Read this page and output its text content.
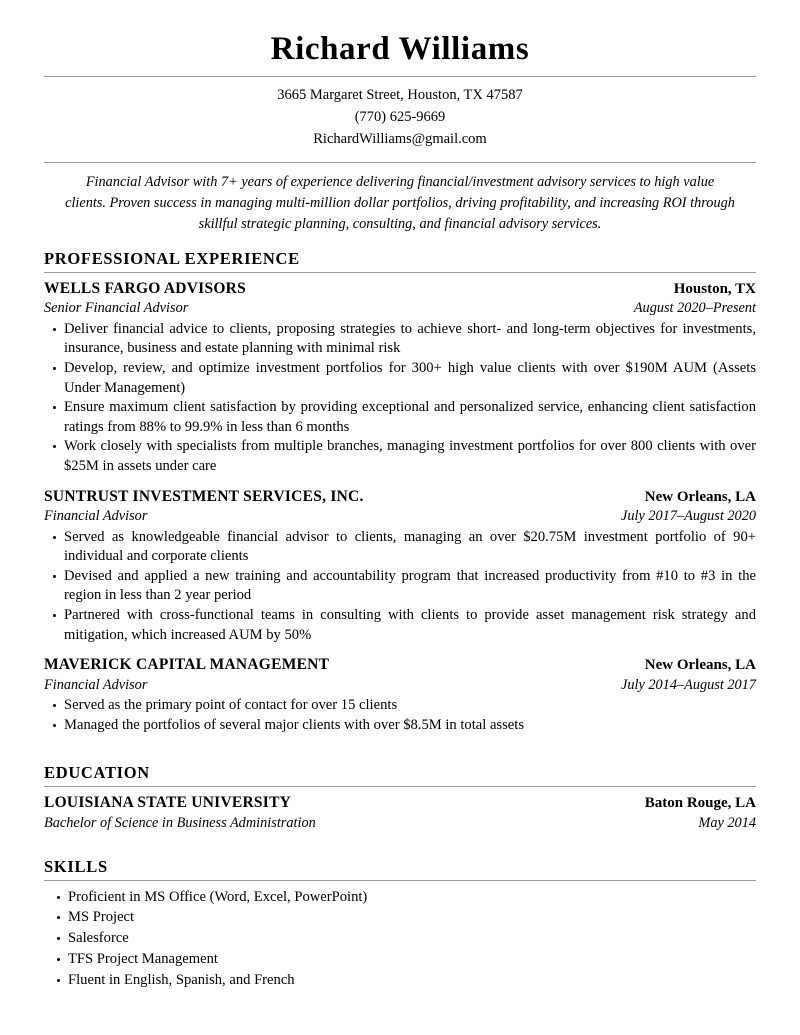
Richard Williams
3665 Margaret Street, Houston, TX 47587
(770) 625-9669
RichardWilliams@gmail.com

Financial Advisor with 7+ years of experience delivering financial/investment advisory services to high value clients. Proven success in managing multi-million dollar portfolios, driving profitability, and increasing ROI through skillful strategic planning, consulting, and financial advisory services.

PROFESSIONAL EXPERIENCE
WELLS FARGO ADVISORS	Houston, TX
Senior Financial Advisor	August 2020–Present
Deliver financial advice to clients, proposing strategies to achieve short- and long-term objectives for investments, insurance, business and estate planning with minimal risk
Develop, review, and optimize investment portfolios for 300+ high value clients with over $190M AUM (Assets Under Management)
Ensure maximum client satisfaction by providing exceptional and personalized service, enhancing client satisfaction ratings from 88% to 99.9% in less than 6 months
Work closely with specialists from multiple branches, managing investment portfolios for over 800 clients with over $25M in assets under care
SUNTRUST INVESTMENT SERVICES, INC.	New Orleans, LA
Financial Advisor	July 2017–August 2020
Served as knowledgeable financial advisor to clients, managing an over $20.75M investment portfolio of 90+ individual and corporate clients
Devised and applied a new training and accountability program that increased productivity from #10 to #3 in the region in less than 2 year period
Partnered with cross-functional teams in consulting with clients to provide asset management risk strategy and mitigation, which increased AUM by 50%
MAVERICK CAPITAL MANAGEMENT	New Orleans, LA
Financial Advisor	July 2014–August 2017
Served as the primary point of contact for over 15 clients
Managed the portfolios of several major clients with over $8.5M in total assets
EDUCATION
LOUISIANA STATE UNIVERSITY	Baton Rouge, LA
Bachelor of Science in Business Administration	May 2014
SKILLS
Proficient in MS Office (Word, Excel, PowerPoint)
MS Project
Salesforce
TFS Project Management
Fluent in English, Spanish, and French
